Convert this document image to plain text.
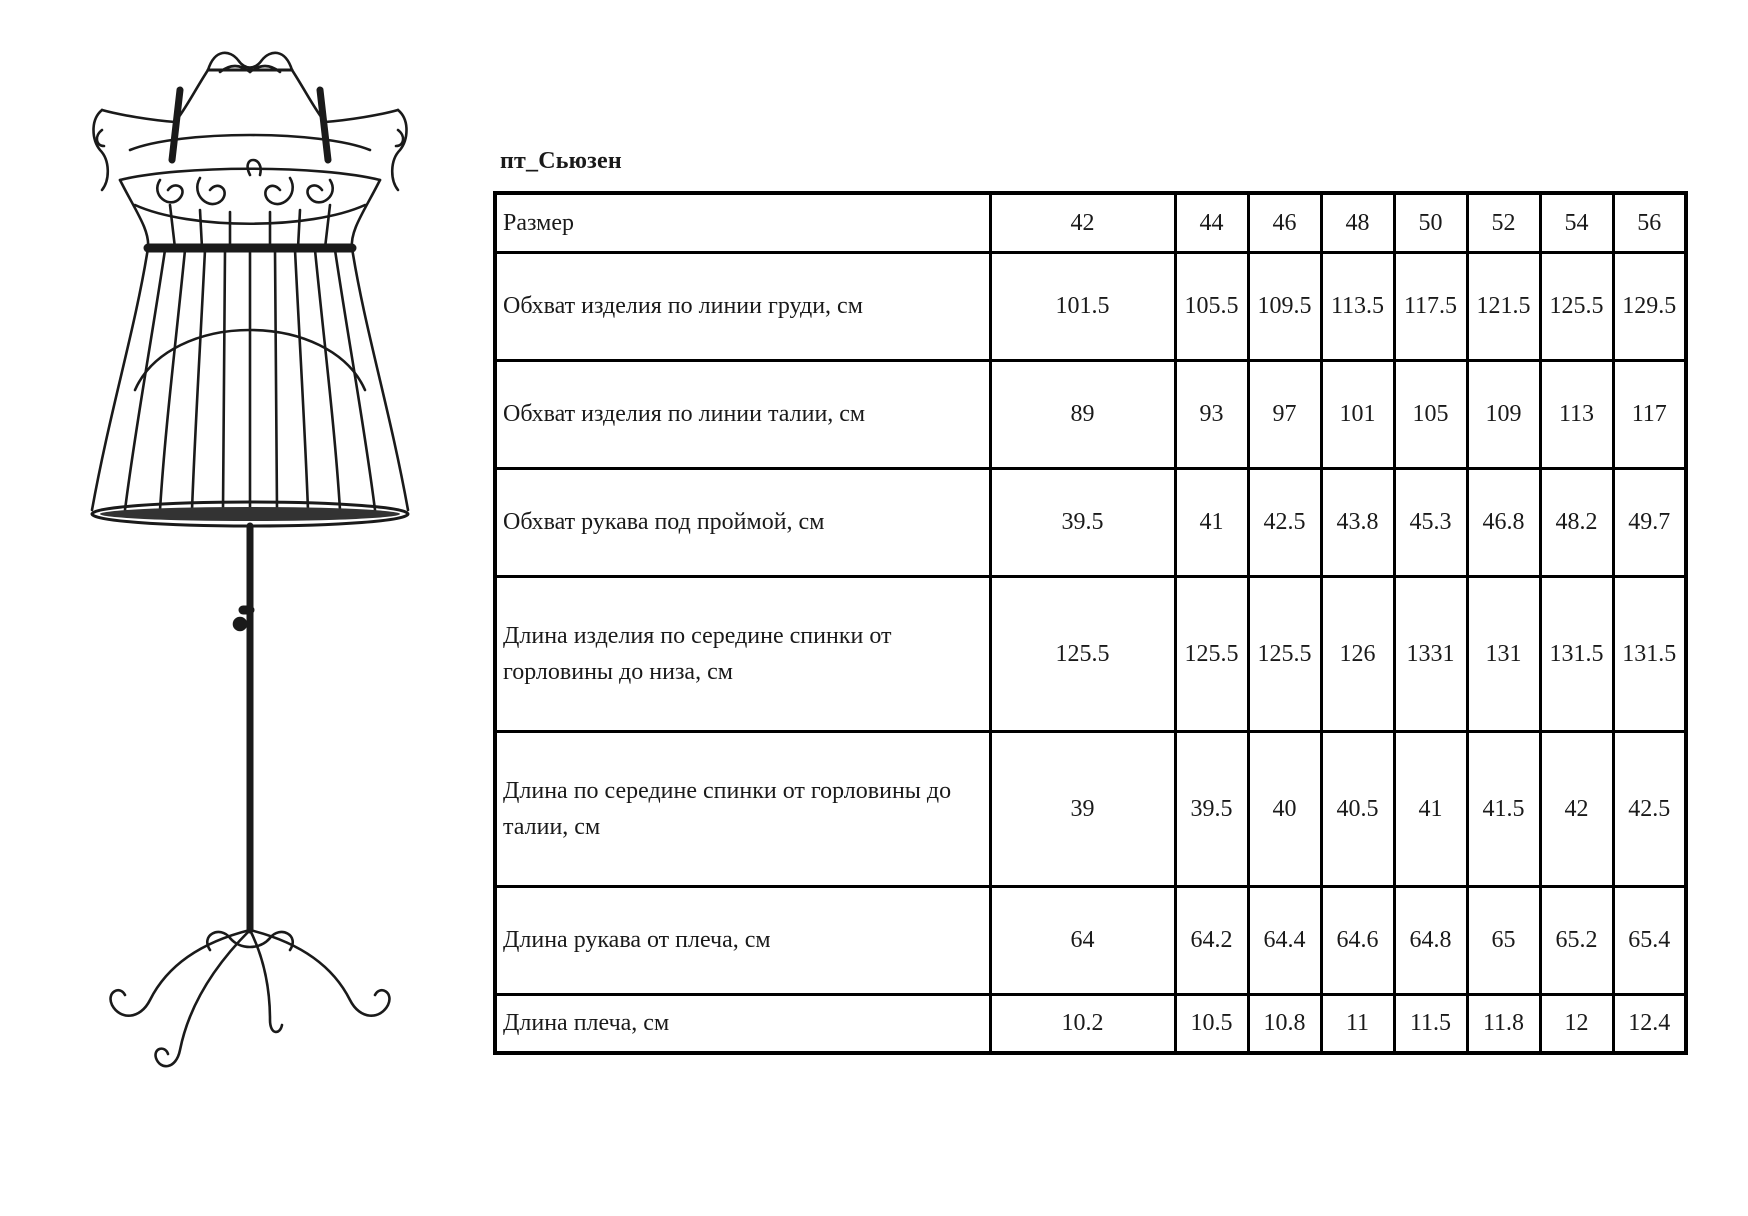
пт_Сьюзен
Размер	42	44	46	48	50	52	54	56
Обхват изделия по линии груди, см	101.5	105.5	109.5	113.5	117.5	121.5	125.5	129.5
Обхват изделия по линии талии, см	89	93	97	101	105	109	113	117
Обхват рукава под проймой, см	39.5	41	42.5	43.8	45.3	46.8	48.2	49.7
Длина изделия по середине спинки от горловины до низа, см	125.5	125.5	125.5	126	1331	131	131.5	131.5
Длина по середине спинки от горловины до талии, см	39	39.5	40	40.5	41	41.5	42	42.5
Длина рукава от плеча, см	64	64.2	64.4	64.6	64.8	65	65.2	65.4
Длина плеча, см	10.2	10.5	10.8	11	11.5	11.8	12	12.4
